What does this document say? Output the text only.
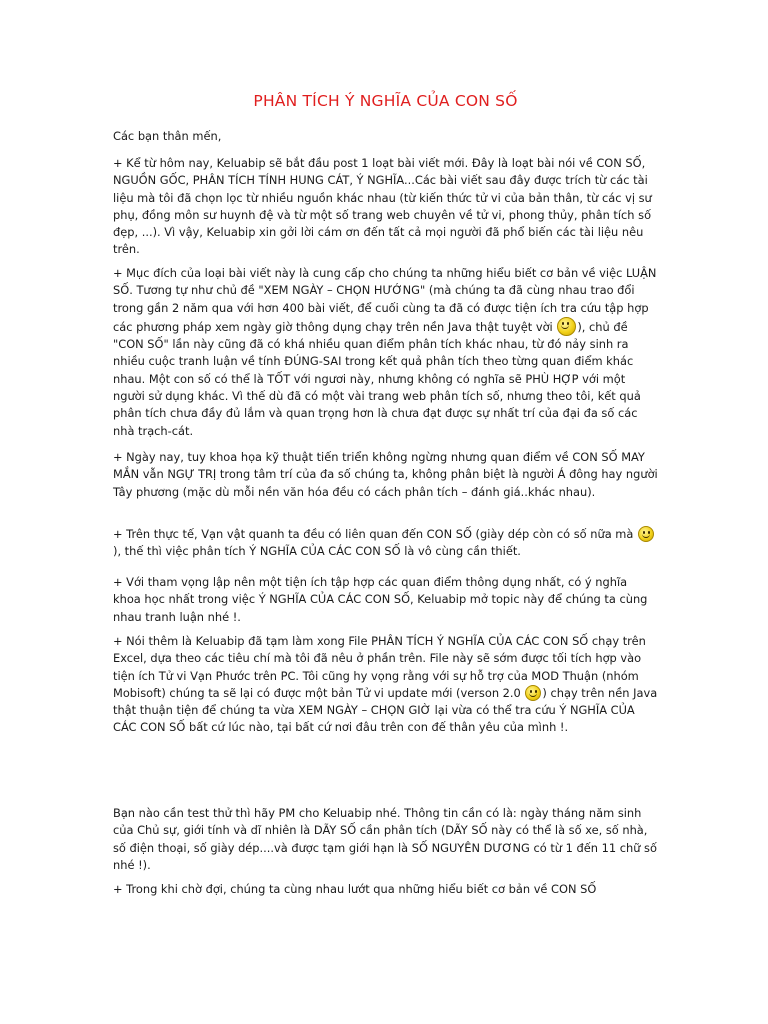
PHÂN TÍCH Ý NGHĨA CỦA CON SỐ

Các bạn thân mến,

+ Kể từ hôm nay, Keluabip sẽ bắt đầu post 1 loạt bài viết mới. Đây là loạt bài nói về CON SỐ, NGUỒN GỐC, PHÂN TÍCH TÍNH HUNG CÁT, Ý NGHĨA...Các bài viết sau đây được trích từ các tài liệu mà tôi đã chọn lọc từ nhiều nguồn khác nhau (từ kiến thức tử vi của bản thân, từ các vị sư phụ, đồng môn sư huynh đệ và từ một số trang web chuyên về tử vi, phong thủy, phân tích số đẹp, ...). Vì vậy, Keluabip xin gởi lời cám ơn đến tất cả mọi người đã phổ biến các tài liệu nêu trên.

+ Mục đích của loại bài viết này là cung cấp cho chúng ta những hiểu biết cơ bản về việc LUẬN SỐ. Tương tự như chủ đề "XEM NGÀY – CHỌN HƯỚNG" (mà chúng ta đã cùng nhau trao đổi trong gần 2 năm qua với hơn 400 bài viết, để cuối cùng ta đã có được tiện ích tra cứu tập hợp các phương pháp xem ngày giờ thông dụng chạy trên nền Java thật tuyệt vời ), chủ đề "CON SỐ" lần này cũng đã có khá nhiều quan điểm phân tích khác nhau, từ đó nảy sinh ra nhiều cuộc tranh luận về tính ĐÚNG-SAI trong kết quả phân tích theo từng quan điểm khác nhau. Một con số có thể là TỐT với ngươi này, nhưng không có nghĩa sẽ PHÙ HỢP với một người sử dụng khác. Vì thế dù đã có một vài trang web phân tích số, nhưng theo tôi, kết quả phân tích chưa đầy đủ lắm và quan trọng hơn là chưa đạt được sự nhất trí của đại đa số các nhà trạch-cát.

+ Ngày nay, tuy khoa họa kỹ thuật tiến triển không ngừng nhưng quan điểm về CON SỐ MAY MẮN vẫn NGỰ TRỊ trong tâm trí của đa số chúng ta, không phân biệt là người Á đông hay người Tây phương (mặc dù mỗi nền văn hóa đều có cách phân tích – đánh giá..khác nhau).

+ Trên thực tế, Vạn vật quanh ta đều có liên quan đến CON SỐ (giày dép còn có số nữa mà ), thế thì việc phân tích Ý NGHĨA CỦA CÁC CON SỐ là vô cùng cần thiết.

+ Với tham vọng lập nên một tiện ích tập hợp các quan điểm thông dụng nhất, có ý nghĩa khoa học nhất trong việc Ý NGHĨA CỦA CÁC CON SỐ, Keluabip mở topic này để chúng ta cùng nhau tranh luận nhé !.

+ Nói thêm là Keluabip đã tạm làm xong File PHÂN TÍCH Ý NGHĨA CỦA CÁC CON SỐ chạy trên Excel, dựa theo các tiêu chí mà tôi đã nêu ở phần trên. File này sẽ sớm được tối tích hợp vào tiện ích Tử vi Vạn Phước trên PC. Tôi cũng hy vọng rằng với sự hỗ trợ của MOD Thuận (nhóm Mobisoft) chúng ta sẽ lại có được một bản Tử vi update mới (verson 2.0 ) chạy trên nền Java thật thuận tiện để chúng ta vừa XEM NGÀY – CHỌN GIỜ lại vừa có thể tra cứu Ý NGHĨA CỦA CÁC CON SỐ bất cứ lúc nào, tại bất cứ nơi đâu trên con đế thân yêu của mình !.

Bạn nào cần test thử thì hãy PM cho Keluabip nhé. Thông tin cần có là: ngày tháng năm sinh của Chủ sự, giới tính và dĩ nhiên là DÃY SỐ cần phân tích (DÃY SỐ này có thể là số xe, số nhà, số điện thoại, số giày dép....và được tạm giới hạn là SỐ NGUYÊN DƯƠNG có từ 1 đến 11 chữ số nhé !).

+ Trong khi chờ đợi, chúng ta cùng nhau lướt qua những hiểu biết cơ bản về CON SỐ
